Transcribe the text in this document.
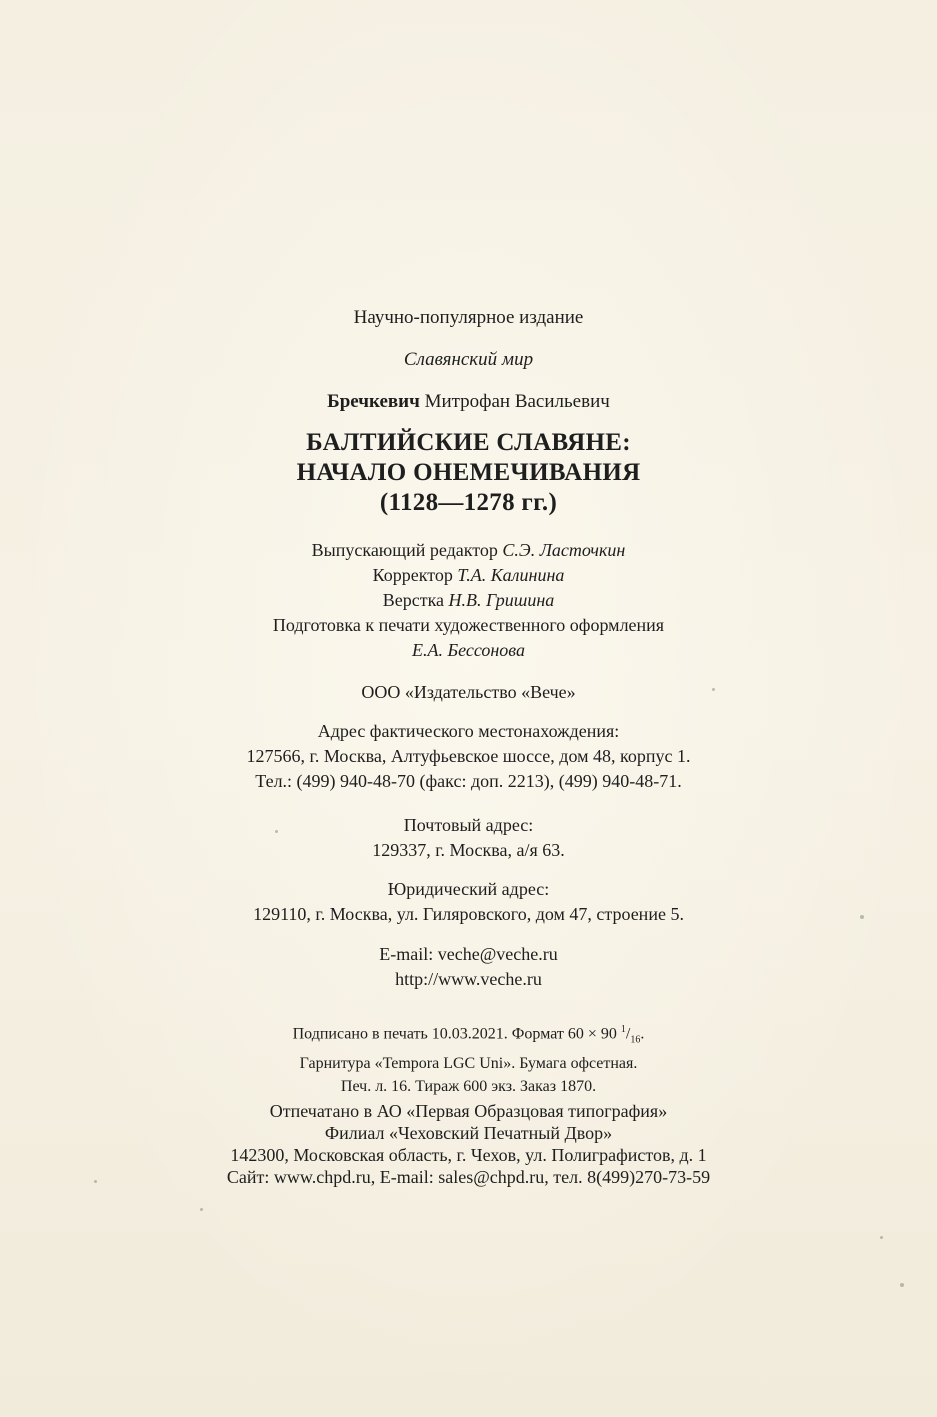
Научно-популярное издание
Славянский мир
Бречкевич Митрофан Васильевич
БАЛТИЙСКИЕ СЛАВЯНЕ:
НАЧАЛО ОНЕМЕЧИВАНИЯ
(1128—1278 гг.)
Выпускающий редактор С.Э. Ласточкин
Корректор Т.А. Калинина
Верстка Н.В. Гришина
Подготовка к печати художественного оформления
Е.А. Бессонова
ООО «Издательство «Вече»
Адрес фактического местонахождения:
127566, г. Москва, Алтуфьевское шоссе, дом 48, корпус 1.
Тел.: (499) 940-48-70 (факс: доп. 2213), (499) 940-48-71.
Почтовый адрес:
129337, г. Москва, а/я 63.
Юридический адрес:
129110, г. Москва, ул. Гиляровского, дом 47, строение 5.
E-mail: veche@veche.ru
http://www.veche.ru
Подписано в печать 10.03.2021. Формат 60 × 90 $^1/_{16}$.
Гарнитура «Tempora LGC Uni». Бумага офсетная.
Печ. л. 16. Тираж 600 экз. Заказ 1870.
Отпечатано в АО «Первая Образцовая типография»
Филиал «Чеховский Печатный Двор»
142300, Московская область, г. Чехов, ул. Полиграфистов, д. 1
Сайт: www.chpd.ru, E-mail: sales@chpd.ru, тел. 8(499)270-73-59
